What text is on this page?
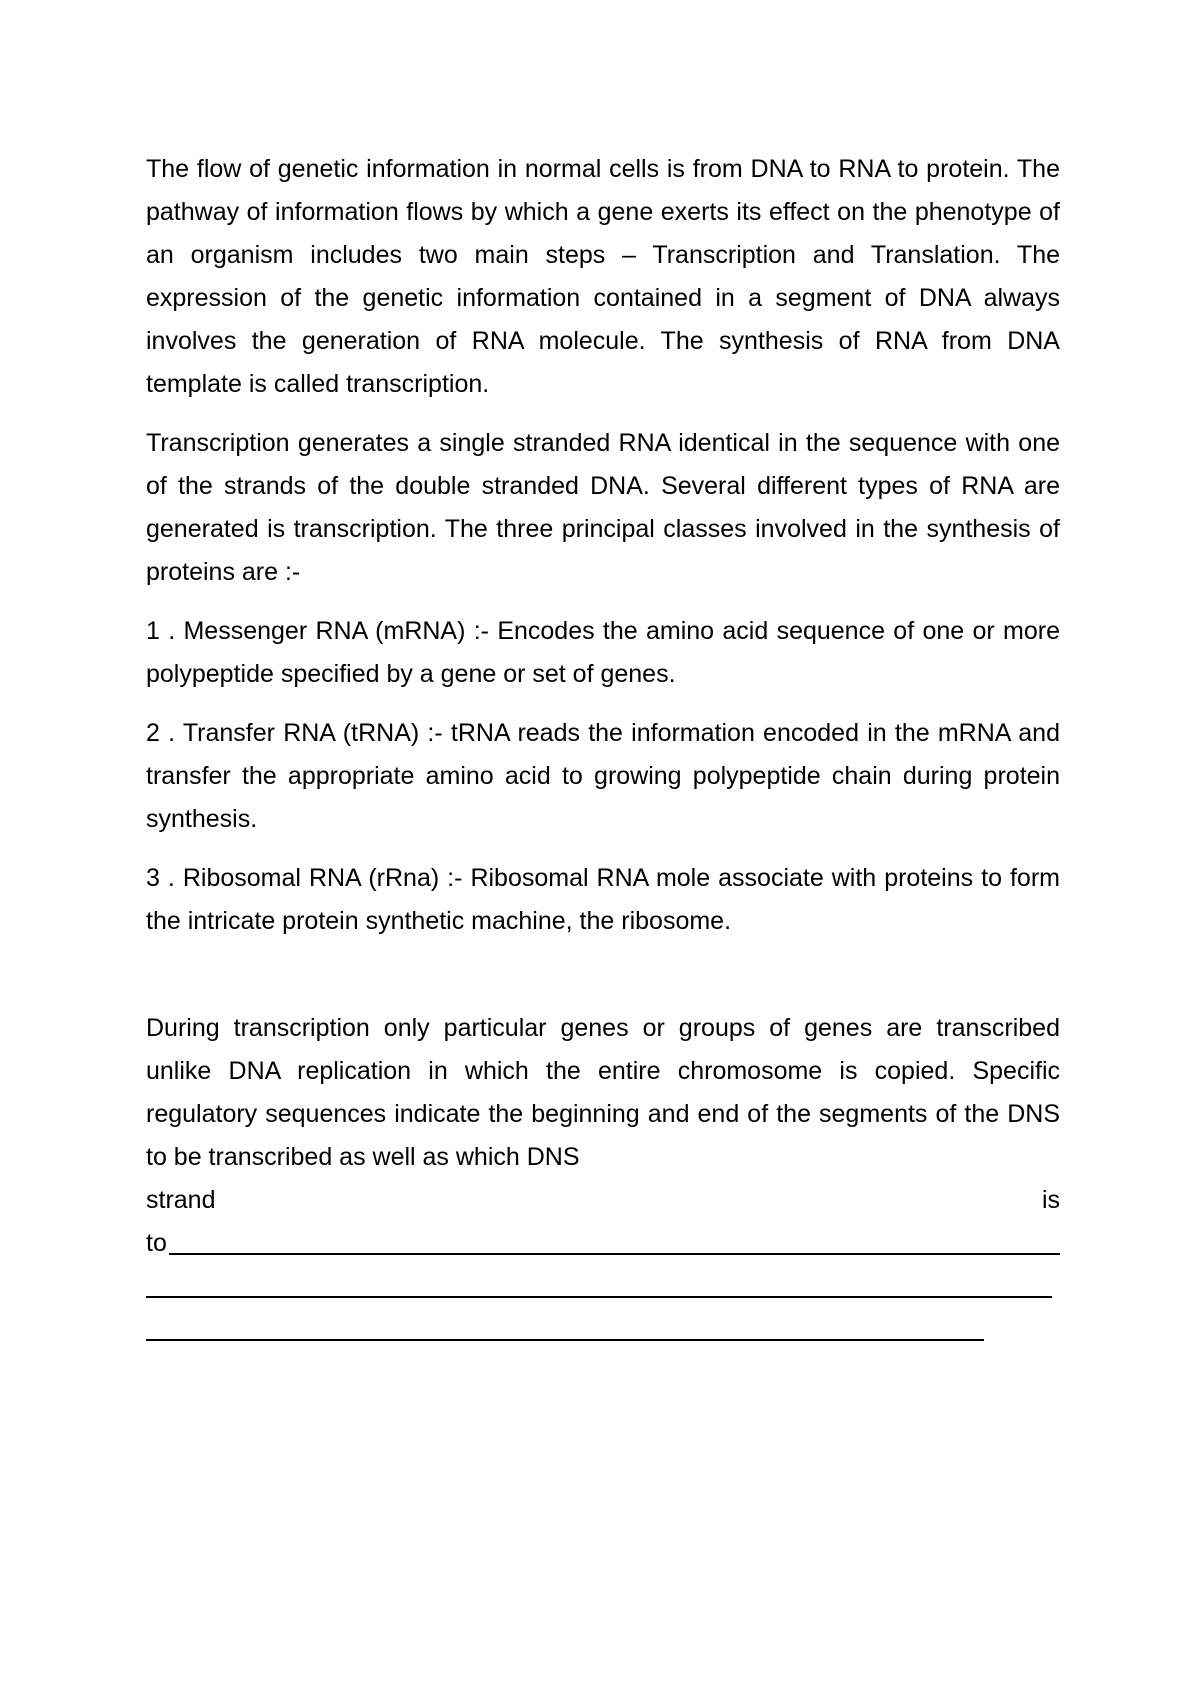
The flow of genetic information in normal cells is from DNA to RNA to protein. The pathway of information flows by which a gene exerts its effect on the phenotype of an organism includes two main steps – Transcription and Translation. The expression of the genetic information contained in a segment of DNA always involves the generation of RNA molecule. The synthesis of RNA from DNA template is called transcription.

Transcription generates a single stranded RNA identical in the sequence with one of the strands of the double stranded DNA. Several different types of RNA are generated is transcription. The three principal classes involved in the synthesis of proteins are :-

1 . Messenger RNA (mRNA) :- Encodes the amino acid sequence of one or more polypeptide specified by a gene or set of genes.

2 . Transfer RNA (tRNA) :- tRNA reads the information encoded in the mRNA and transfer the appropriate amino acid to growing polypeptide chain during protein synthesis.

3 . Ribosomal RNA (rRna) :- Ribosomal RNA mole associate with proteins to form the intricate protein synthetic machine, the ribosome.

During transcription only particular genes or groups of genes are transcribed unlike DNA replication in which the entire chromosome is copied. Specific regulatory sequences indicate the beginning and end of the segments of the DNS to be transcribed as well as which DNS

strand	is
to
